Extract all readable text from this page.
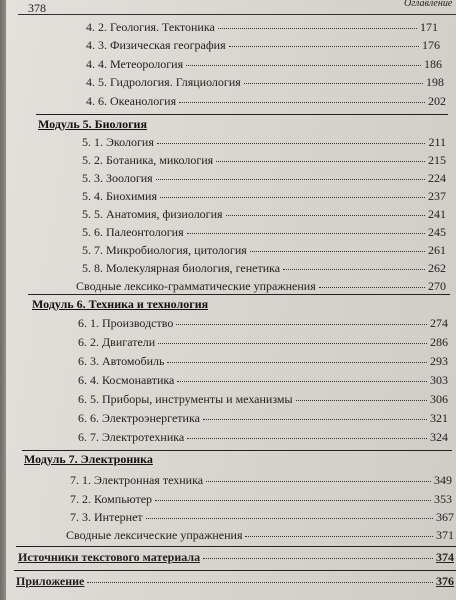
378	Оглавление
4. 2. Геология. Тектоника	171
4. 3. Физическая география	176
4. 4. Метеорология	186
4. 5. Гидрология. Гляциология	198
4. 6. Океанология	202
Модуль 5. Биология
5. 1. Экология	211
5. 2. Ботаника, микология	215
5. 3. Зоология	224
5. 4. Биохимия	237
5. 5. Анатомия, физиология	241
5. 6. Палеонтология	245
5. 7. Микробиология, цитология	261
5. 8. Молекулярная биология, генетика	262
Сводные лексико-грамматические упражнения	270
Модуль 6. Техника и технология
6. 1. Производство	274
6. 2. Двигатели	286
6. 3. Автомобиль	293
6. 4. Космонавтика	303
6. 5. Приборы, инструменты и механизмы	306
6. 6. Электроэнергетика	321
6. 7. Электротехника	324
Модуль 7. Электроника
7. 1. Электронная техника	349
7. 2. Компьютер	353
7. 3. Интернет	367
Сводные лексические упражнения	371
Источники текстового материала	374
Приложение	376
